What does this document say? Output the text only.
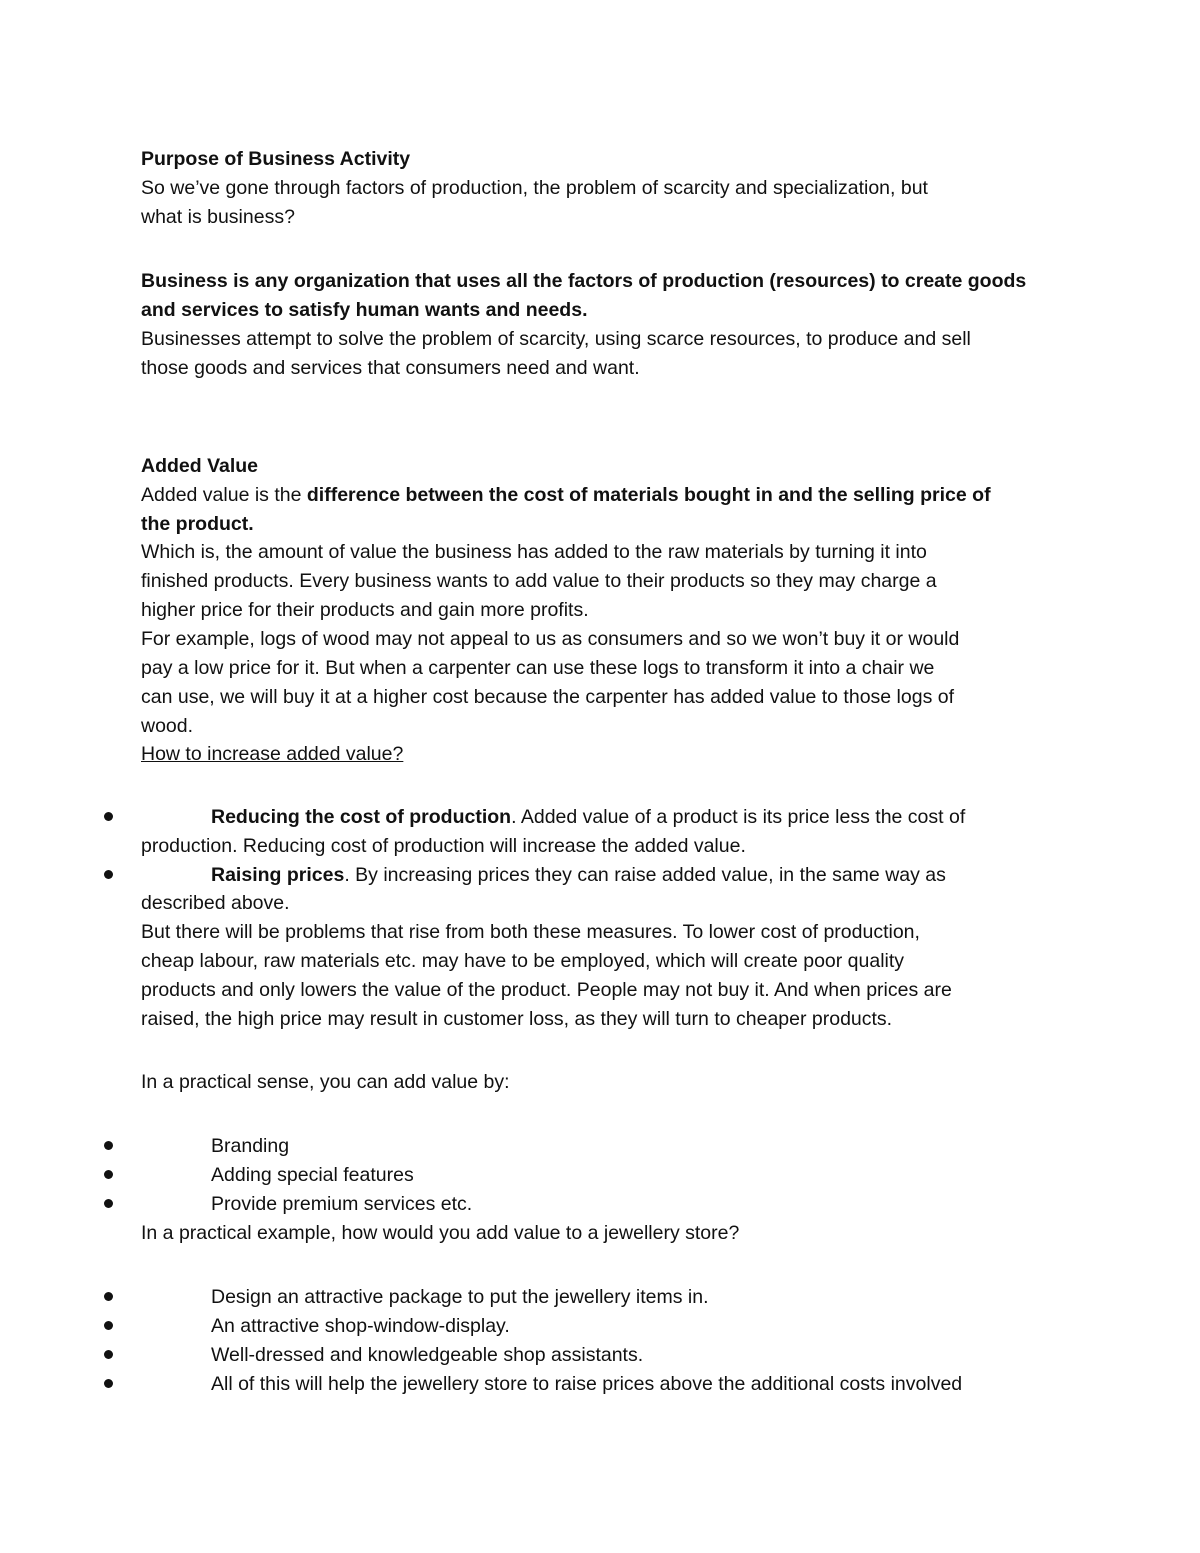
Purpose of Business Activity
So we’ve gone through factors of production, the problem of scarcity and specialization, but
what is business?
Business is any organization that uses all the factors of production (resources) to create goods
and services to satisfy human wants and needs.
Businesses attempt to solve the problem of scarcity, using scarce resources, to produce and sell
those goods and services that consumers need and want.
Added Value
Added value is the difference between the cost of materials bought in and the selling price of
the product.
Which is, the amount of value the business has added to the raw materials by turning it into
finished products. Every business wants to add value to their products so they may charge a
higher price for their products and gain more profits.
For example, logs of wood may not appeal to us as consumers and so we won’t buy it or would
pay a low price for it. But when a carpenter can use these logs to transform it into a chair we
can use, we will buy it at a higher cost because the carpenter has added value to those logs of
wood.
How to increase added value?
Reducing the cost of production. Added value of a product is its price less the cost of
production. Reducing cost of production will increase the added value.
Raising prices. By increasing prices they can raise added value, in the same way as
described above.
But there will be problems that rise from both these measures. To lower cost of production,
cheap labour, raw materials etc. may have to be employed, which will create poor quality
products and only lowers the value of the product. People may not buy it. And when prices are
raised, the high price may result in customer loss, as they will turn to cheaper products.
In a practical sense, you can add value by:
Branding
Adding special features
Provide premium services etc.
In a practical example, how would you add value to a jewellery store?
Design an attractive package to put the jewellery items in.
An attractive shop-window-display.
Well-dressed and knowledgeable shop assistants.
All of this will help the jewellery store to raise prices above the additional costs involved
